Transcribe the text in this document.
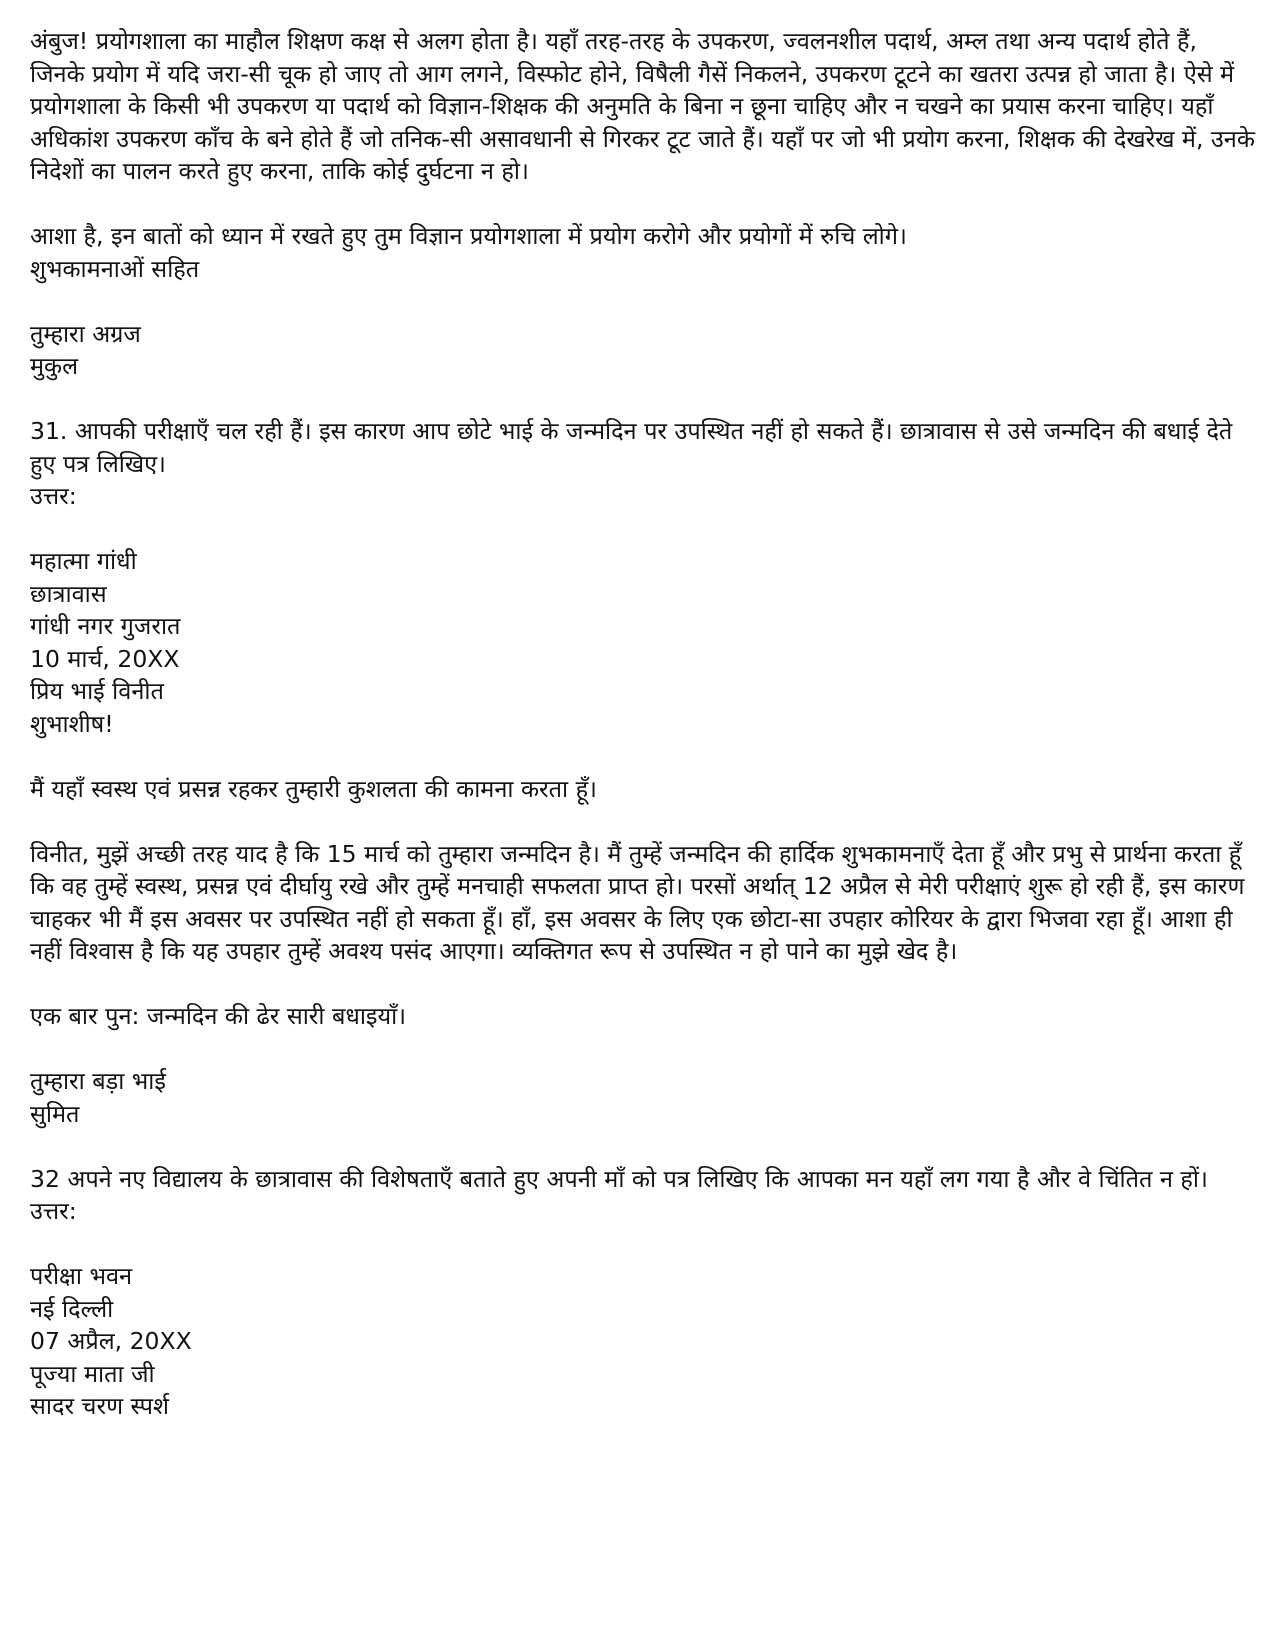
अंबुज! प्रयोगशाला का माहौल शिक्षण कक्ष से अलग होता है। यहाँ तरह-तरह के उपकरण, ज्वलनशील पदार्थ, अम्ल तथा अन्य पदार्थ होते हैं, जिनके प्रयोग में यदि जरा-सी चूक हो जाए तो आग लगने, विस्फोट होने, विषैली गैसें निकलने, उपकरण टूटने का खतरा उत्पन्न हो जाता है। ऐसे में प्रयोगशाला के किसी भी उपकरण या पदार्थ को विज्ञान-शिक्षक की अनुमति के बिना न छूना चाहिए और न चखने का प्रयास करना चाहिए। यहाँ अधिकांश उपकरण काँच के बने होते हैं जो तनिक-सी असावधानी से गिरकर टूट जाते हैं। यहाँ पर जो भी प्रयोग करना, शिक्षक की देखरेख में, उनके निदेशों का पालन करते हुए करना, ताकि कोई दुर्घटना न हो।

आशा है, इन बातों को ध्यान में रखते हुए तुम विज्ञान प्रयोगशाला में प्रयोग करोगे और प्रयोगों में रुचि लोगे।
शुभकामनाओं सहित
तुम्हारा अग्रज
मुकुल

31. आपकी परीक्षाएँ चल रही हैं। इस कारण आप छोटे भाई के जन्मदिन पर उपस्थित नहीं हो सकते हैं। छात्रावास से उसे जन्मदिन की बधाई देते हुए पत्र लिखिए।

उत्तर:
महात्मा गांधी
छात्रावास
गांधी नगर गुजरात
10 मार्च, 20XX
प्रिय भाई विनीत
शुभाशीष!
मैं यहाँ स्वस्थ एवं प्रसन्न रहकर तुम्हारी कुशलता की कामना करता हूँ।

विनीत, मुझें अच्छी तरह याद है कि 15 मार्च को तुम्हारा जन्मदिन है। मैं तुम्हें जन्मदिन की हार्दिक शुभकामनाएँ देता हूँ और प्रभु से प्रार्थना करता हूँ कि वह तुम्हें स्वस्थ, प्रसन्न एवं दीर्घायु रखे और तुम्हें मनचाही सफलता प्राप्त हो। परसों अर्थात् 12 अप्रैल से मेरी परीक्षाएं शुरू हो रही हैं, इस कारण चाहकर भी मैं इस अवसर पर उपस्थित नहीं हो सकता हूँ। हाँ, इस अवसर के लिए एक छोटा-सा उपहार कोरियर के द्वारा भिजवा रहा हूँ। आशा ही नहीं विश्वास है कि यह उपहार तुम्हें अवश्य पसंद आएगा। व्यक्तिगत रूप से उपस्थित न हो पाने का मुझे खेद है।

एक बार पुन: जन्मदिन की ढेर सारी बधाइयाँ।
तुम्हारा बड़ा भाई
सुमित

32 अपने नए विद्यालय के छात्रावास की विशेषताएँ बताते हुए अपनी माँ को पत्र लिखिए कि आपका मन यहाँ लग गया है और वे चिंतित न हों।

उत्तर:
परीक्षा भवन
नई दिल्ली
07 अप्रैल, 20XX
पूज्या माता जी
सादर चरण स्पर्श
